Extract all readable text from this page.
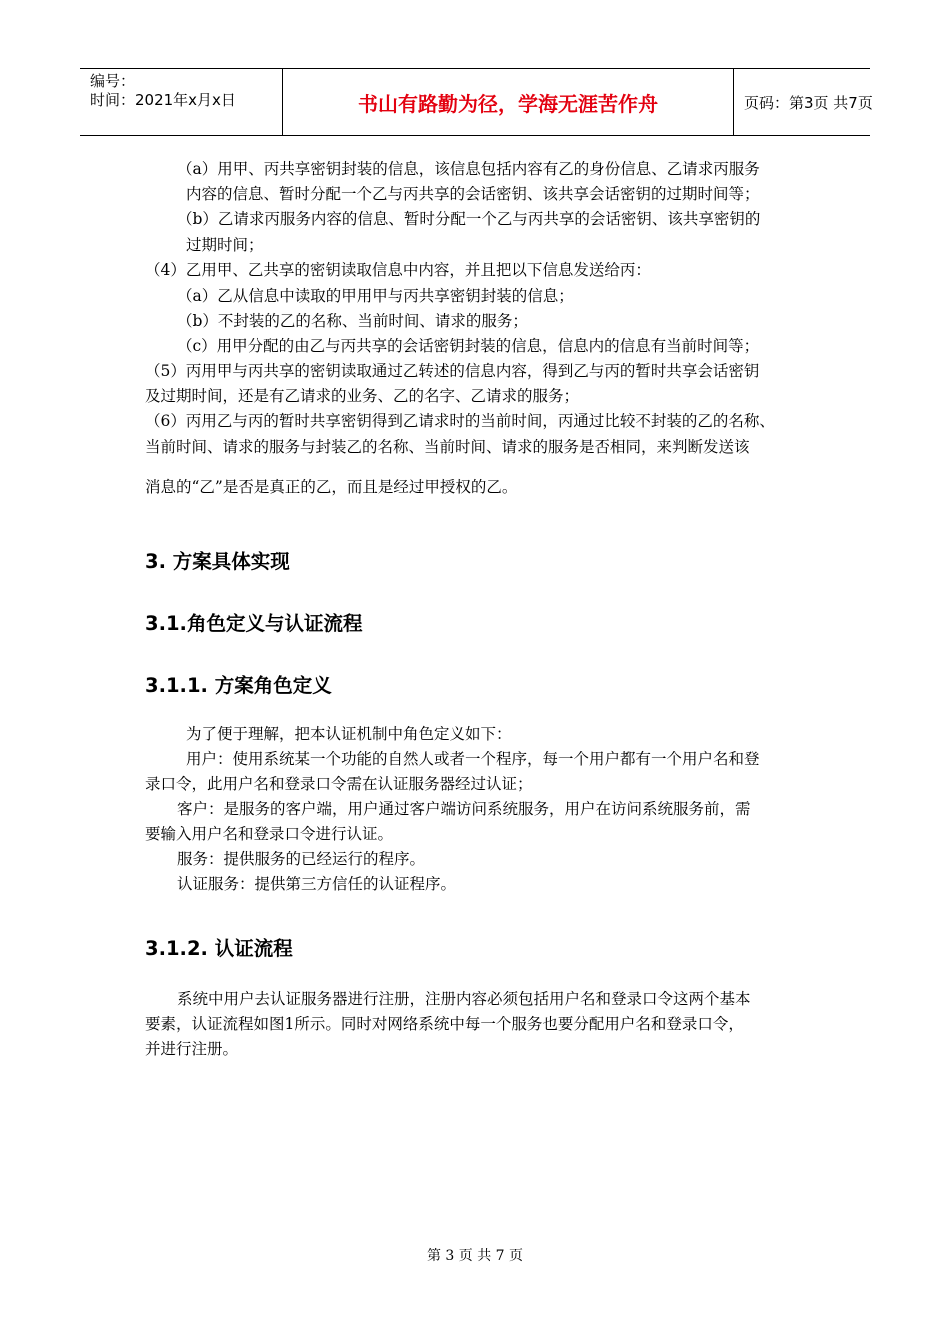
编号：
时间：2021年x月x日	书山有路勤为径，学海无涯苦作舟	页码：第3页 共7页
（a）用甲、丙共享密钥封装的信息，该信息包括内容有乙的身份信息、乙请求丙服务
内容的信息、暂时分配一个乙与丙共享的会话密钥、该共享会话密钥的过期时间等；
（b）乙请求丙服务内容的信息、暂时分配一个乙与丙共享的会话密钥、该共享密钥的
过期时间；
（4）乙用甲、乙共享的密钥读取信息中内容，并且把以下信息发送给丙：
（a）乙从信息中读取的甲用甲与丙共享密钥封装的信息；
（b）不封装的乙的名称、当前时间、请求的服务；
（c）用甲分配的由乙与丙共享的会话密钥封装的信息，信息内的信息有当前时间等；
（5）丙用甲与丙共享的密钥读取通过乙转述的信息内容，得到乙与丙的暂时共享会话密钥
及过期时间，还是有乙请求的业务、乙的名字、乙请求的服务；
（6）丙用乙与丙的暂时共享密钥得到乙请求时的当前时间，丙通过比较不封装的乙的名称、
当前时间、请求的服务与封装乙的名称、当前时间、请求的服务是否相同，来判断发送该
消息的“乙”是否是真正的乙，而且是经过甲授权的乙。
3. 方案具体实现
3.1.角色定义与认证流程
3.1.1. 方案角色定义
为了便于理解，把本认证机制中角色定义如下：
用户：使用系统某一个功能的自然人或者一个程序，每一个用户都有一个用户名和登
录口令，此用户名和登录口令需在认证服务器经过认证；
客户：是服务的客户端，用户通过客户端访问系统服务，用户在访问系统服务前，需
要输入用户名和登录口令进行认证。
服务：提供服务的已经运行的程序。
认证服务：提供第三方信任的认证程序。
3.1.2. 认证流程
系统中用户去认证服务器进行注册，注册内容必须包括用户名和登录口令这两个基本
要素，认证流程如图1所示。同时对网络系统中每一个服务也要分配用户名和登录口令，
并进行注册。
第 3 页 共 7 页
